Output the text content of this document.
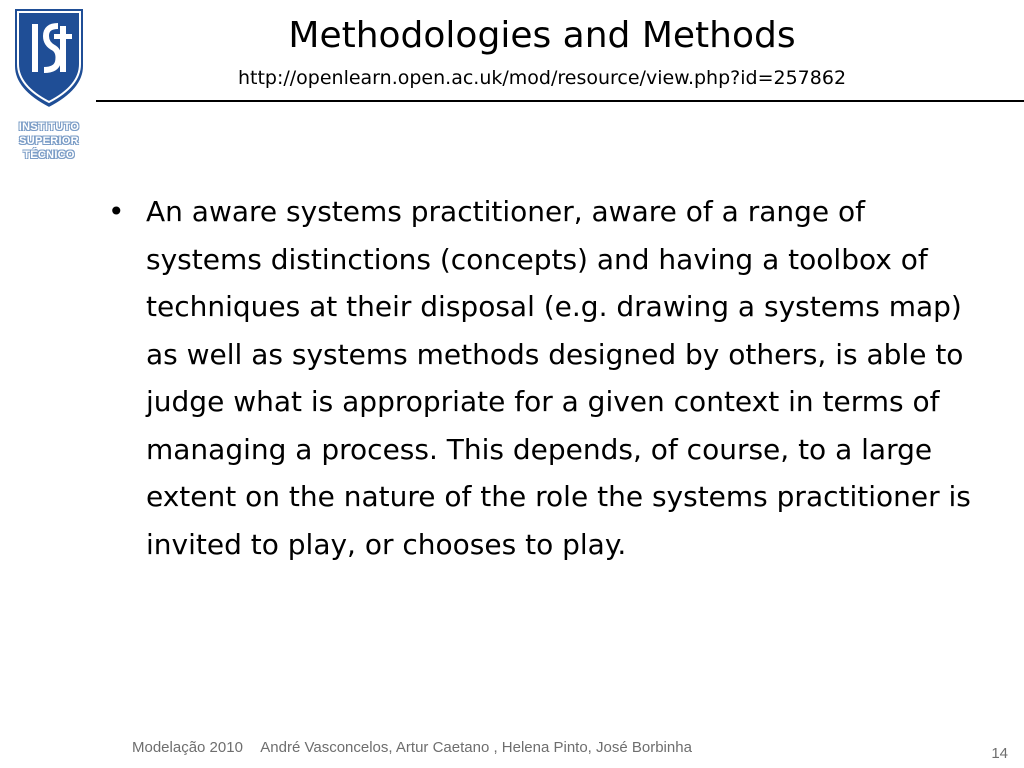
INSTITUTO
SUPERIOR
TÉCNICO
Methodologies and Methods
http://openlearn.open.ac.uk/mod/resource/view.php?id=257862
• An aware systems practitioner, aware of a range of systems distinctions (concepts) and having a toolbox of techniques at their disposal (e.g. drawing a systems map) as well as systems methods designed by others, is able to judge what is appropriate for a given context in terms of managing a process. This depends, of course, to a large extent on the nature of the role the systems practitioner is invited to play, or chooses to play.

Modelação 2010 André Vasconcelos, Artur Caetano , Helena Pinto, José Borbinha	14
